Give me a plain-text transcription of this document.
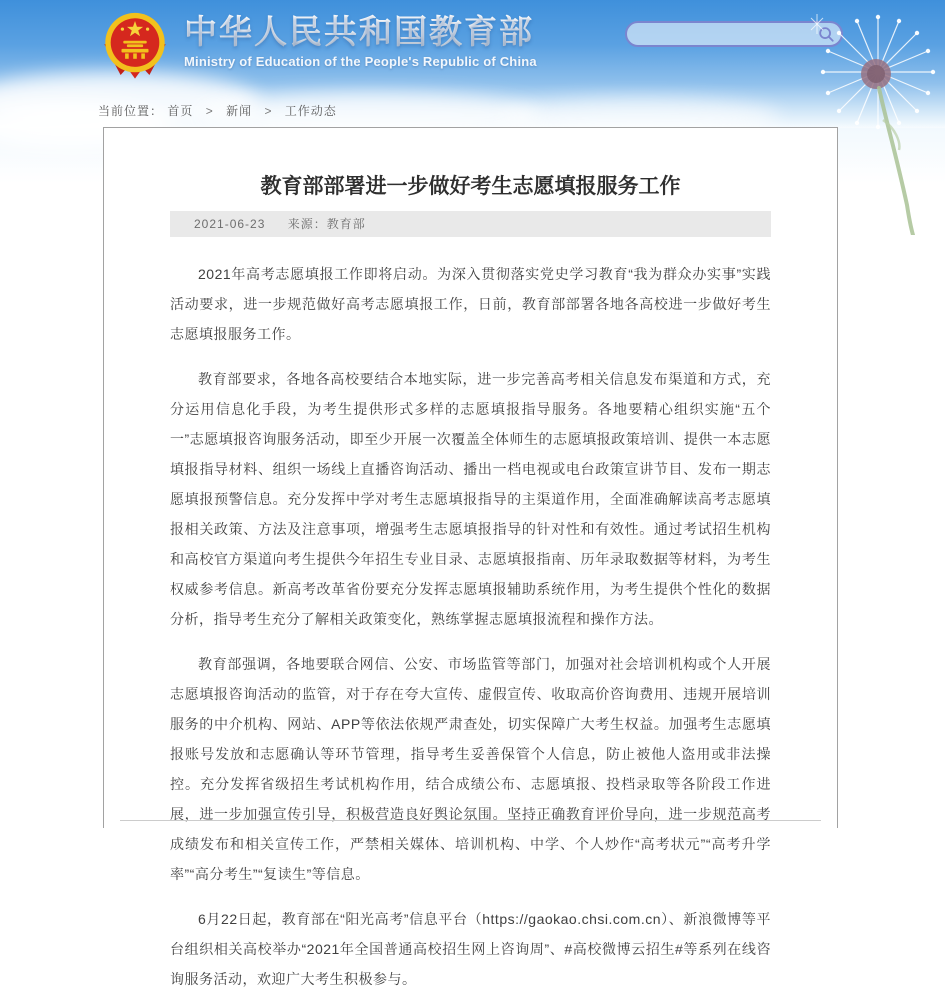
中华人民共和国教育部
Ministry of Education of the People's Republic of China
当前位置： 首页 > 新闻 > 工作动态
教育部部署进一步做好考生志愿填报服务工作
2021-06-23 来源：教育部

2021年高考志愿填报工作即将启动。为深入贯彻落实党史学习教育“我为群众办实事”实践活动要求，进一步规范做好高考志愿填报工作，日前，教育部部署各地各高校进一步做好考生志愿填报服务工作。

教育部要求，各地各高校要结合本地实际，进一步完善高考相关信息发布渠道和方式，充分运用信息化手段，为考生提供形式多样的志愿填报指导服务。各地要精心组织实施“五个一”志愿填报咨询服务活动，即至少开展一次覆盖全体师生的志愿填报政策培训、提供一本志愿填报指导材料、组织一场线上直播咨询活动、播出一档电视或电台政策宣讲节目、发布一期志愿填报预警信息。充分发挥中学对考生志愿填报指导的主渠道作用，全面准确解读高考志愿填报相关政策、方法及注意事项，增强考生志愿填报指导的针对性和有效性。通过考试招生机构和高校官方渠道向考生提供今年招生专业目录、志愿填报指南、历年录取数据等材料，为考生权威参考信息。新高考改革省份要充分发挥志愿填报辅助系统作用，为考生提供个性化的数据分析，指导考生充分了解相关政策变化，熟练掌握志愿填报流程和操作方法。

教育部强调，各地要联合网信、公安、市场监管等部门，加强对社会培训机构或个人开展志愿填报咨询活动的监管，对于存在夸大宣传、虚假宣传、收取高价咨询费用、违规开展培训服务的中介机构、网站、APP等依法依规严肃查处，切实保障广大考生权益。加强考生志愿填报账号发放和志愿确认等环节管理，指导考生妥善保管个人信息，防止被他人盗用或非法操控。充分发挥省级招生考试机构作用，结合成绩公布、志愿填报、投档录取等各阶段工作进展，进一步加强宣传引导，积极营造良好舆论氛围。坚持正确教育评价导向，进一步规范高考成绩发布和相关宣传工作，严禁相关媒体、培训机构、中学、个人炒作“高考状元”“高考升学率”“高分考生”“复读生”等信息。

6月22日起，教育部在“阳光高考”信息平台（https://gaokao.chsi.com.cn）、新浪微博等平台组织相关高校举办“2021年全国普通高校招生网上咨询周”、#高校微博云招生#等系列在线咨询服务活动，欢迎广大考生积极参与。
